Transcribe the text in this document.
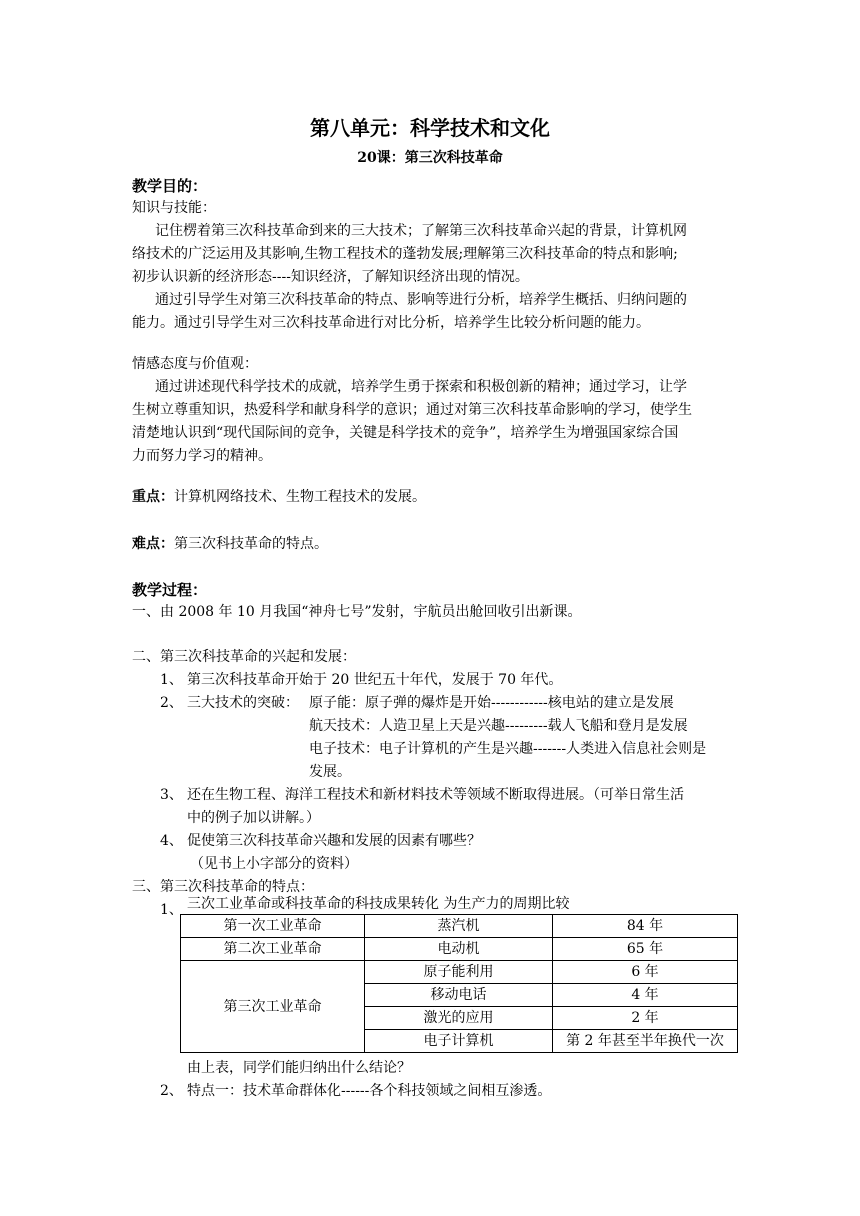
第八单元：科学技术和文化
20课：第三次科技革命
教学目的：
知识与技能：
记住楞着第三次科技革命到来的三大技术；了解第三次科技革命兴起的背景，计算机网
络技术的广泛运用及其影响,生物工程技术的蓬勃发展;理解第三次科技革命的特点和影响;
初步认识新的经济形态----知识经济，了解知识经济出现的情况。
通过引导学生对第三次科技革命的特点、影响等进行分析，培养学生概括、归纳问题的
能力。通过引导学生对三次科技革命进行对比分析，培养学生比较分析问题的能力。
情感态度与价值观：
通过讲述现代科学技术的成就，培养学生勇于探索和积极创新的精神；通过学习，让学
生树立尊重知识，热爱科学和献身科学的意识；通过对第三次科技革命影响的学习，使学生
清楚地认识到“现代国际间的竞争，关键是科学技术的竞争”，培养学生为增强国家综合国
力而努力学习的精神。
重点：计算机网络技术、生物工程技术的发展。
难点：第三次科技革命的特点。
教学过程：
一、由 2008 年 10 月我国“神舟七号”发射，宇航员出舱回收引出新课。
二、第三次科技革命的兴起和发展：
1、 第三次科技革命开始于 20 世纪五十年代，发展于 70 年代。
2、 三大技术的突破： 原子能：原子弹的爆炸是开始------------核电站的建立是发展
航天技术：人造卫星上天是兴趣---------载人飞船和登月是发展
电子技术：电子计算机的产生是兴趣-------人类进入信息社会则是
发展。
3、 还在生物工程、海洋工程技术和新材料技术等领域不断取得进展。（可举日常生活
中的例子加以讲解。）
4、 促使第三次科技革命兴趣和发展的因素有哪些？
（见书上小字部分的资料）
三、第三次科技革命的特点：
1、 三次工业革命或科技革命的科技成果转化 为生产力的周期比较
第一次工业革命	蒸汽机	84 年
第二次工业革命	电动机	65 年
第三次工业革命	原子能利用	6 年
	移动电话	4 年
	激光的应用	2 年
	电子计算机	第 2 年甚至半年换代一次
由上表，同学们能归纳出什么结论？
2、 特点一：技术革命群体化------各个科技领域之间相互渗透。
